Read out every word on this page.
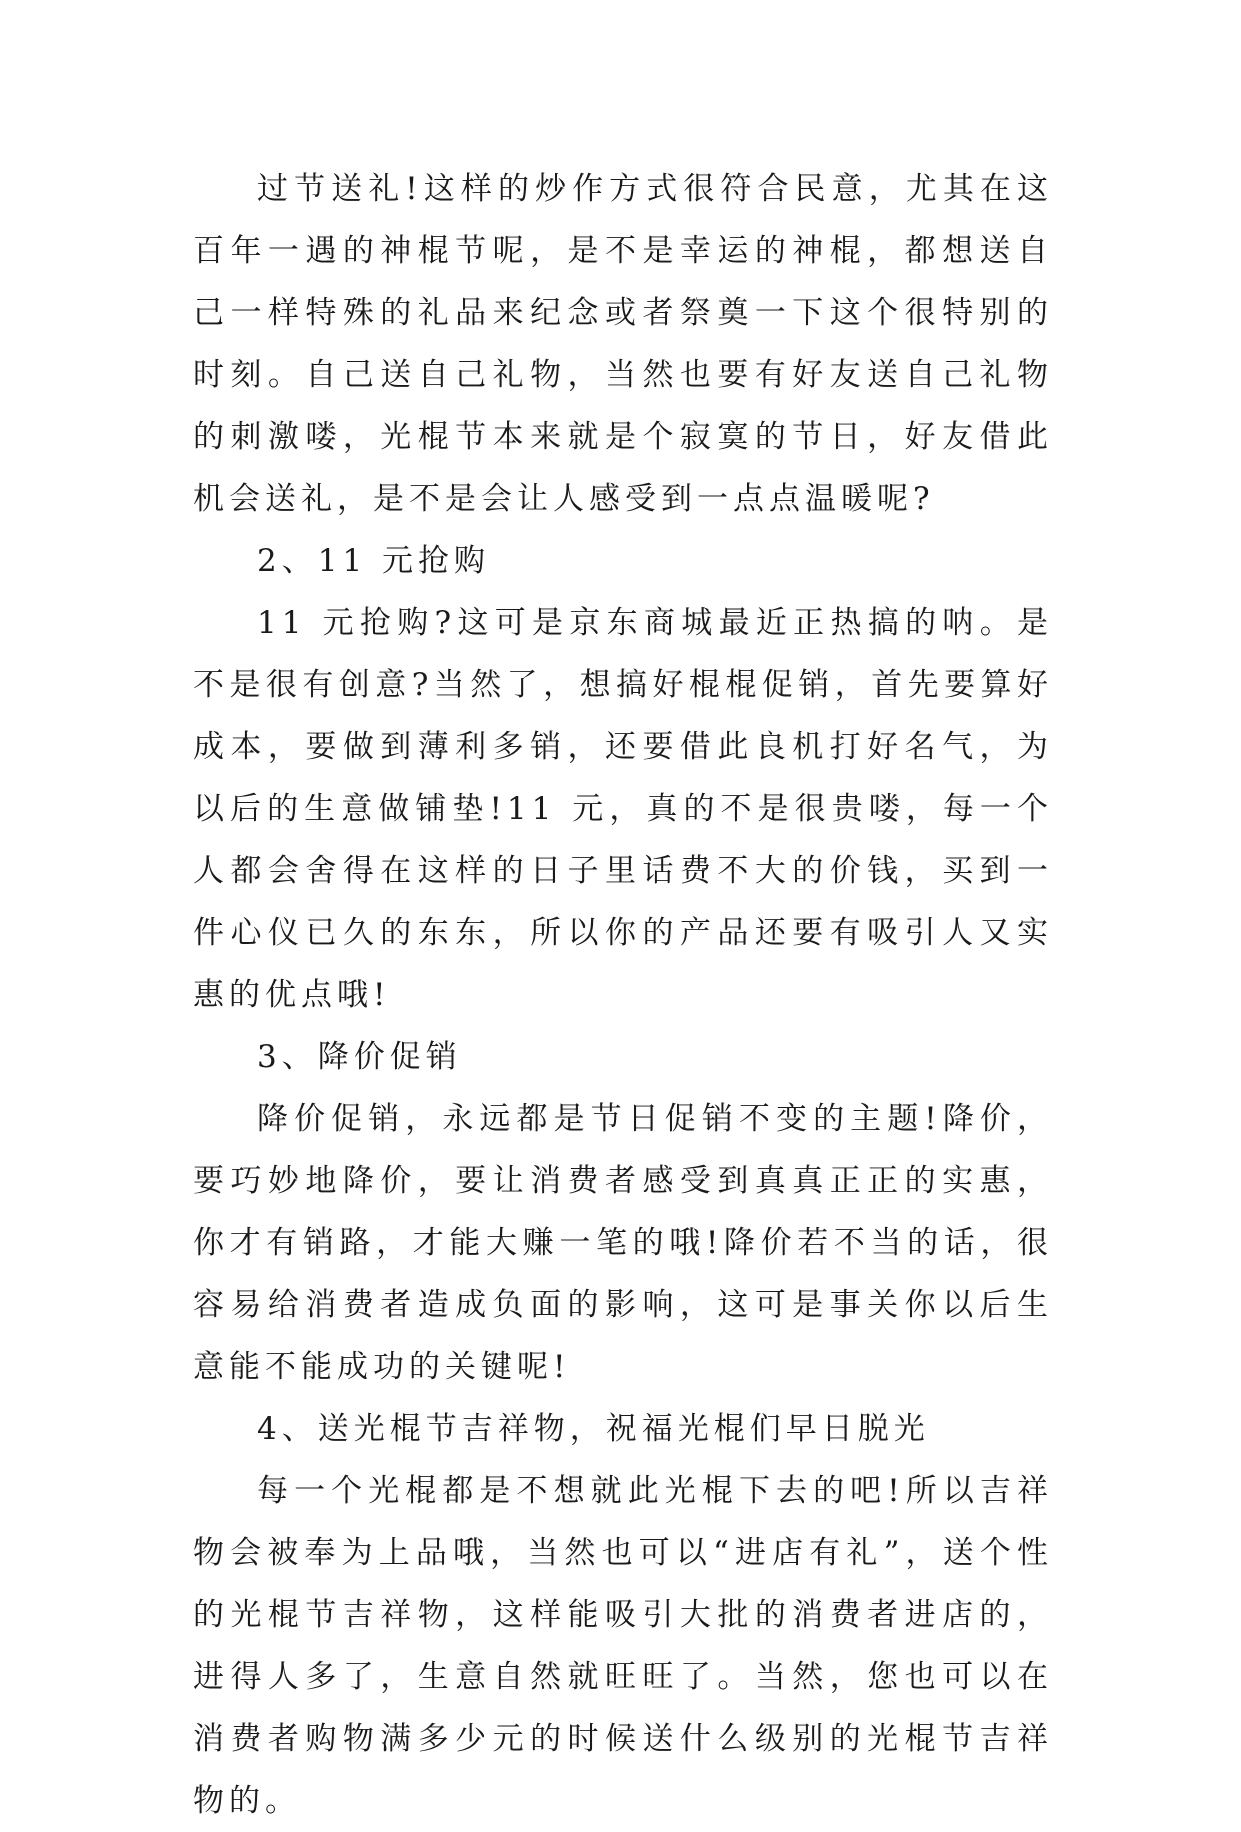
过节送礼!这样的炒作方式很符合民意，尤其在这百年一遇的神棍节呢，是不是幸运的神棍，都想送自己一样特殊的礼品来纪念或者祭奠一下这个很特别的时刻。自己送自己礼物，当然也要有好友送自己礼物的刺激喽，光棍节本来就是个寂寞的节日，好友借此机会送礼，是不是会让人感受到一点点温暖呢?

2、11 元抢购

11 元抢购?这可是京东商城最近正热搞的呐。是不是很有创意?当然了，想搞好棍棍促销，首先要算好成本，要做到薄利多销，还要借此良机打好名气，为以后的生意做铺垫!11 元，真的不是很贵喽，每一个人都会舍得在这样的日子里话费不大的价钱，买到一件心仪已久的东东，所以你的产品还要有吸引人又实惠的优点哦!

3、降价促销

降价促销，永远都是节日促销不变的主题!降价，要巧妙地降价，要让消费者感受到真真正正的实惠，你才有销路，才能大赚一笔的哦!降价若不当的话，很容易给消费者造成负面的影响，这可是事关你以后生意能不能成功的关键呢!

4、送光棍节吉祥物，祝福光棍们早日脱光

每一个光棍都是不想就此光棍下去的吧!所以吉祥物会被奉为上品哦，当然也可以“进店有礼”，送个性的光棍节吉祥物，这样能吸引大批的消费者进店的，进得人多了，生意自然就旺旺了。当然，您也可以在消费者购物满多少元的时候送什么级别的光棍节吉祥物的。
